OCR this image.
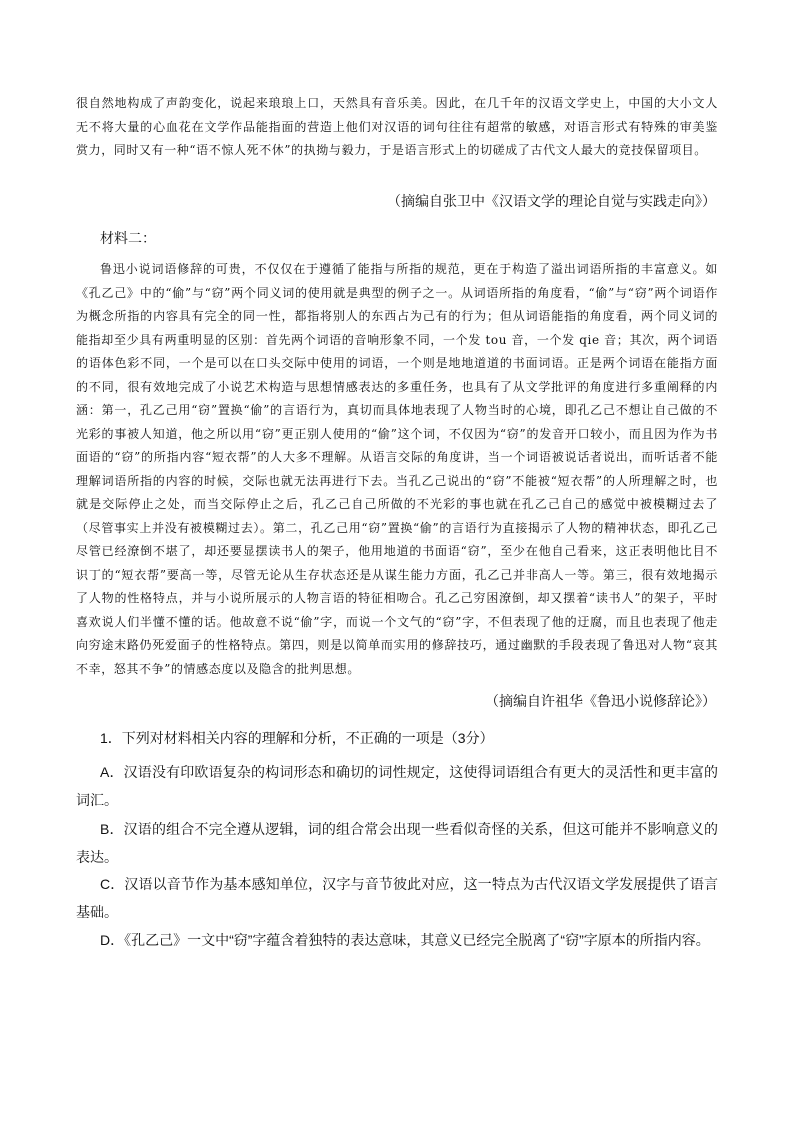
很自然地构成了声韵变化，说起来琅琅上口，天然具有音乐美。因此，在几千年的汉语文学史上，中国的大小文人无不将大量的心血花在文学作品能指面的营造上他们对汉语的词句往往有超常的敏感，对语言形式有特殊的审美鉴赏力，同时又有一种“语不惊人死不休”的执拗与毅力，于是语言形式上的切磋成了古代文人最大的竞技保留项目。

（摘编自张卫中《汉语文学的理论自觉与实践走向》）

材料二：

鲁迅小说词语修辞的可贵，不仅仅在于遵循了能指与所指的规范，更在于构造了溢出词语所指的丰富意义。如《孔乙己》中的“偷”与“窃”两个同义词的使用就是典型的例子之一。从词语所指的角度看，“偷”与“窃”两个词语作为概念所指的内容具有完全的同一性，都指将别人的东西占为己有的行为；但从词语能指的角度看，两个同义词的能指却至少具有两重明显的区别：首先两个词语的音响形象不同，一个发 tou 音，一个发 qie 音；其次，两个词语的语体色彩不同，一个是可以在口头交际中使用的词语，一个则是地地道道的书面词语。正是两个词语在能指方面的不同，很有效地完成了小说艺术构造与思想情感表达的多重任务，也具有了从文学批评的角度进行多重阐释的内涵：第一，孔乙己用“窃”置换“偷”的言语行为，真切而具体地表现了人物当时的心境，即孔乙己不想让自己做的不光彩的事被人知道，他之所以用“窃”更正别人使用的“偷”这个词，不仅因为“窃”的发音开口较小，而且因为作为书面语的“窃”的所指内容“短衣帮”的人大多不理解。从语言交际的角度讲，当一个词语被说话者说出，而听话者不能理解词语所指的内容的时候，交际也就无法再进行下去。当孔乙己说出的“窃”不能被“短衣帮”的人所理解之时，也就是交际停止之处，而当交际停止之后，孔乙己自己所做的不光彩的事也就在孔乙己自己的感觉中被模糊过去了（尽管事实上并没有被模糊过去）。第二，孔乙己用“窃”置换“偷”的言语行为直接揭示了人物的精神状态，即孔乙己尽管已经潦倒不堪了，却还要显摆读书人的架子，他用地道的书面语“窃”，至少在他自己看来，这正表明他比目不识丁的“短衣帮”要高一等，尽管无论从生存状态还是从谋生能力方面，孔乙己并非高人一等。第三，很有效地揭示了人物的性格特点，并与小说所展示的人物言语的特征相吻合。孔乙己穷困潦倒，却又摆着“读书人”的架子，平时喜欢说人们半懂不懂的话。他故意不说“偷”字，而说一个文气的“窃”字，不但表现了他的迂腐，而且也表现了他走向穷途末路仍死爱面子的性格特点。第四，则是以简单而实用的修辞技巧，通过幽默的手段表现了鲁迅对人物“哀其不幸，怒其不争”的情感态度以及隐含的批判思想。

（摘编自许祖华《鲁迅小说修辞论》）

1．下列对材料相关内容的理解和分析，不正确的一项是（3分）

A．汉语没有印欧语复杂的构词形态和确切的词性规定，这使得词语组合有更大的灵活性和更丰富的词汇。

B．汉语的组合不完全遵从逻辑，词的组合常会出现一些看似奇怪的关系，但这可能并不影响意义的表达。

C．汉语以音节作为基本感知单位，汉字与音节彼此对应，这一特点为古代汉语文学发展提供了语言基础。

D．《孔乙己》一文中“窃”字蕴含着独特的表达意味，其意义已经完全脱离了“窃”字原本的所指内容。
